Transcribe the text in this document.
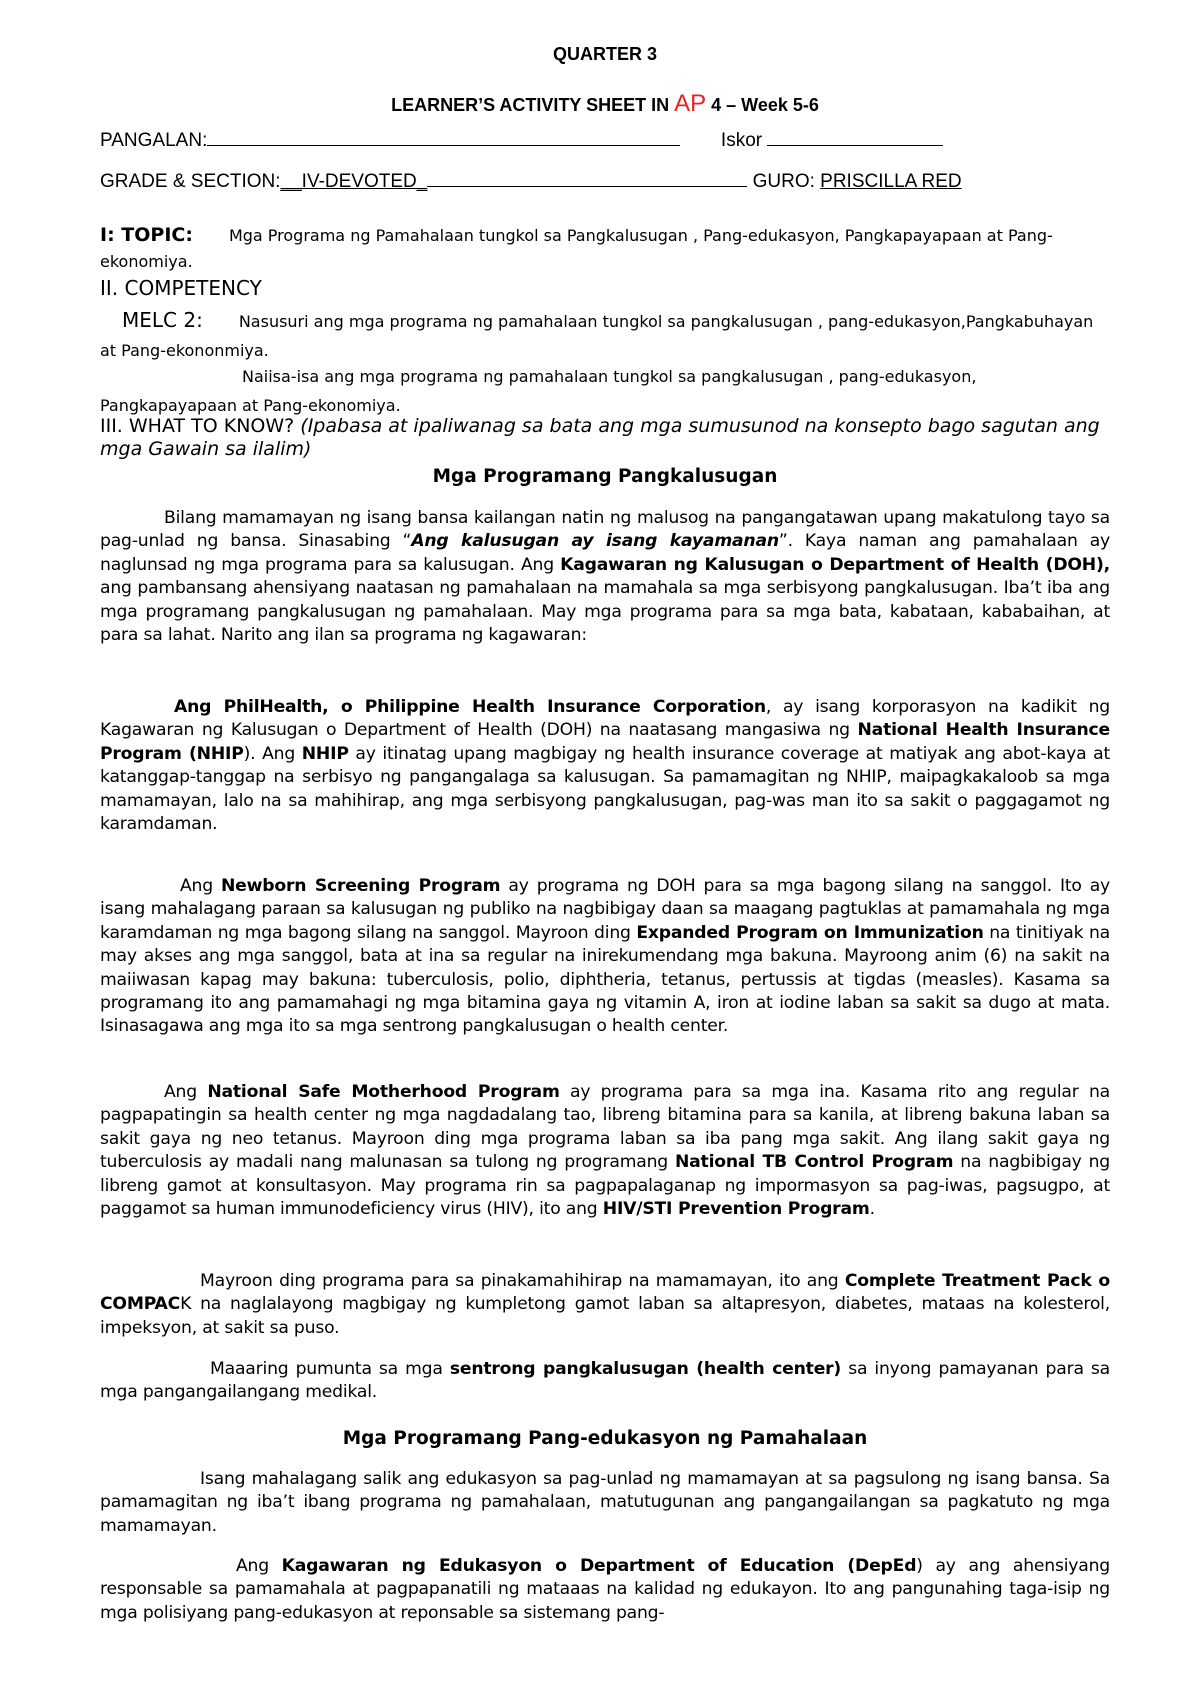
QUARTER 3
LEARNER’S ACTIVITY SHEET IN AP 4 – Week 5-6
PANGALAN:	Iskor
GRADE & SECTION:__IV-DEVOTED_	GURO: PRISCILLA RED
I: TOPIC: Mga Programa ng Pamahalaan tungkol sa Pangkalusugan , Pang-edukasyon, Pangkapayapaan at Pang-ekonomiya.
II. COMPETENCY
MELC 2: Nasusuri ang mga programa ng pamahalaan tungkol sa pangkalusugan , pang-edukasyon,Pangkabuhayan at Pang-ekononmiya.
Naiisa-isa ang mga programa ng pamahalaan tungkol sa pangkalusugan , pang-edukasyon, Pangkapayapaan at Pang-ekonomiya.
III. WHAT TO KNOW? (Ipabasa at ipaliwanag sa bata ang mga sumusunod na konsepto bago sagutan ang mga Gawain sa ilalim)
Mga Programang Pangkalusugan
Bilang mamamayan ng isang bansa kailangan natin ng malusog na pangangatawan upang makatulong tayo sa pag-unlad ng bansa. Sinasabing “Ang kalusugan ay isang kayamanan”. Kaya naman ang pamahalaan ay naglunsad ng mga programa para sa kalusugan. Ang Kagawaran ng Kalusugan o Department of Health (DOH), ang pambansang ahensiyang naatasan ng pamahalaan na mamahala sa mga serbisyong pangkalusugan. Iba’t iba ang mga programang pangkalusugan ng pamahalaan. May mga programa para sa mga bata, kabataan, kababaihan, at para sa lahat. Narito ang ilan sa programa ng kagawaran:
Ang PhilHealth, o Philippine Health Insurance Corporation, ay isang korporasyon na kadikit ng Kagawaran ng Kalusugan o Department of Health (DOH) na naatasang mangasiwa ng National Health Insurance Program (NHIP). Ang NHIP ay itinatag upang magbigay ng health insurance coverage at matiyak ang abot-kaya at katanggap-tanggap na serbisyo ng pangangalaga sa kalusugan. Sa pamamagitan ng NHIP, maipagkakaloob sa mga mamamayan, lalo na sa mahihirap, ang mga serbisyong pangkalusugan, pag-was man ito sa sakit o paggagamot ng karamdaman.
Ang Newborn Screening Program ay programa ng DOH para sa mga bagong silang na sanggol. Ito ay isang mahalagang paraan sa kalusugan ng publiko na nagbibigay daan sa maagang pagtuklas at pamamahala ng mga karamdaman ng mga bagong silang na sanggol. Mayroon ding Expanded Program on Immunization na tinitiyak na may akses ang mga sanggol, bata at ina sa regular na inirekumendang mga bakuna. Mayroong anim (6) na sakit na maiiwasan kapag may bakuna: tuberculosis, polio, diphtheria, tetanus, pertussis at tigdas (measles). Kasama sa programang ito ang pamamahagi ng mga bitamina gaya ng vitamin A, iron at iodine laban sa sakit sa dugo at mata. Isinasagawa ang mga ito sa mga sentrong pangkalusugan o health center.
Ang National Safe Motherhood Program ay programa para sa mga ina. Kasama rito ang regular na pagpapatingin sa health center ng mga nagdadalang tao, libreng bitamina para sa kanila, at libreng bakuna laban sa sakit gaya ng neo tetanus. Mayroon ding mga programa laban sa iba pang mga sakit. Ang ilang sakit gaya ng tuberculosis ay madali nang malunasan sa tulong ng programang National TB Control Program na nagbibigay ng libreng gamot at konsultasyon. May programa rin sa pagpapalaganap ng impormasyon sa pag-iwas, pagsugpo, at paggamot sa human immunodeficiency virus (HIV), ito ang HIV/STI Prevention Program.
Mayroon ding programa para sa pinakamahihirap na mamamayan, ito ang Complete Treatment Pack o COMPACK na naglalayong magbigay ng kumpletong gamot laban sa altapresyon, diabetes, mataas na kolesterol, impeksyon, at sakit sa puso.
Maaaring pumunta sa mga sentrong pangkalusugan (health center) sa inyong pamayanan para sa mga pangangailangang medikal.
Mga Programang Pang-edukasyon ng Pamahalaan
Isang mahalagang salik ang edukasyon sa pag-unlad ng mamamayan at sa pagsulong ng isang bansa. Sa pamamagitan ng iba’t ibang programa ng pamahalaan, matutugunan ang pangangailangan sa pagkatuto ng mga mamamayan.
Ang Kagawaran ng Edukasyon o Department of Education (DepEd) ay ang ahensiyang responsable sa pamamahala at pagpapanatili ng mataaas na kalidad ng edukayon. Ito ang pangunahing taga-isip ng mga polisiyang pang-edukasyon at reponsable sa sistemang pang-
